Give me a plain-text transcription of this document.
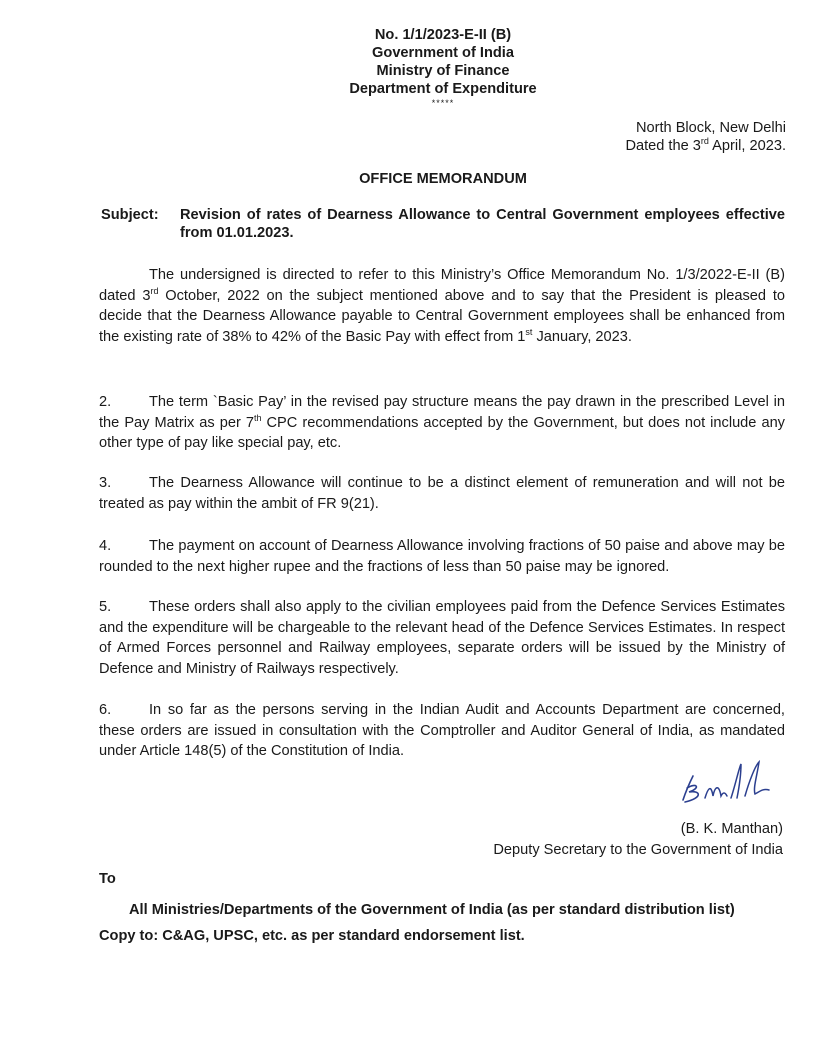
No. 1/1/2023-E-II (B)
Government of India
Ministry of Finance
Department of Expenditure
*****
North Block, New Delhi
Dated the 3rd April, 2023.
OFFICE MEMORANDUM
Subject: Revision of rates of Dearness Allowance to Central Government employees effective from 01.01.2023.
The undersigned is directed to refer to this Ministry’s Office Memorandum No. 1/3/2022-E-II (B) dated 3rd October, 2022 on the subject mentioned above and to say that the President is pleased to decide that the Dearness Allowance payable to Central Government employees shall be enhanced from the existing rate of 38% to 42% of the Basic Pay with effect from 1st January, 2023.
2.	The term `Basic Pay’ in the revised pay structure means the pay drawn in the prescribed Level in the Pay Matrix as per 7th CPC recommendations accepted by the Government, but does not include any other type of pay like special pay, etc.
3.	The Dearness Allowance will continue to be a distinct element of remuneration and will not be treated as pay within the ambit of FR 9(21).
4.	The payment on account of Dearness Allowance involving fractions of 50 paise and above may be rounded to the next higher rupee and the fractions of less than 50 paise may be ignored.
5.	These orders shall also apply to the civilian employees paid from the Defence Services Estimates and the expenditure will be chargeable to the relevant head of the Defence Services Estimates. In respect of Armed Forces personnel and Railway employees, separate orders will be issued by the Ministry of Defence and Ministry of Railways respectively.
6.	In so far as the persons serving in the Indian Audit and Accounts Department are concerned, these orders are issued in consultation with the Comptroller and Auditor General of India, as mandated under Article 148(5) of the Constitution of India.
(B. K. Manthan)
Deputy Secretary to the Government of India
To
All Ministries/Departments of the Government of India (as per standard distribution list)
Copy to: C&AG, UPSC, etc. as per standard endorsement list.
